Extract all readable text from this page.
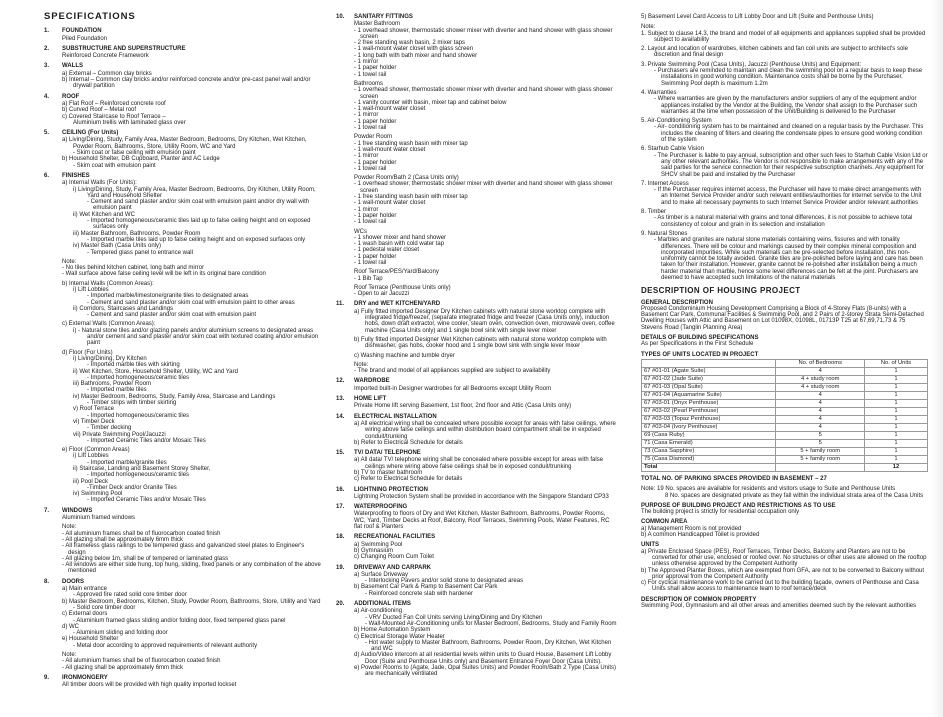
SPECIFICATIONS
1. FOUNDATION
Piled Foundation
2. SUBSTRUCTURE AND SUPERSTRUCTURE
Reinforced Concrete Framework
3. WALLS
a) External – Common clay bricks
b) Internal – Common clay bricks and/or reinforced concrete and/or pre-cast panel wall and/or drywall partition
4. ROOF
a) Flat Roof – Reinforced concrete roof
b) Curved Roof – Metal roof
c) Covered Staircase to Roof Terrace –
Aluminium trellis with laminated glass over
5. CEILING (For Units)
a) Living/Dining, Study, Family Area, Master Bedroom, Bedrooms, Dry Kitchen, Wet Kitchen, Powder Room, Bathrooms, Store, Utility Room, WC and Yard
- Skim coat or false ceiling with emulsion paint
b) Household Shelter, DB Cupboard, Planter and AC Ledge
- Skim coat with emulsion paint
6. FINISHES
a) Internal Walls (For Units):
i) Living/Dining, Study, Family Area, Master Bedroom, Bedrooms, Dry Kitchen, Utility Room, Yard and Household Shelter
- Cement and sand plaster and/or skim coat with emulsion paint and/or dry wall with emulsion paint
ii) Wet Kitchen and WC
- Imported homogeneous/ceramic tiles laid up to false ceiling height and on exposed surfaces only
iii) Master Bathroom, Bathrooms, Powder Room
- Imported marble tiles laid up to false ceiling height and on exposed surfaces only
iv) Master Bath (Casa Units only)
- Tempered glass panel to entrance wall
Note:
- No tiles behind kitchen cabinet, long bath and mirror
- Wall surface above false ceiling level will be left in its original bare condition
b) Internal Walls (Common Areas):
i) Lift Lobbies
- Imported marble/limestone/granite tiles to designated areas
- Cement and sand plaster and/or skim coat with emulsion paint to other areas
ii) Corridors, Staircases and Landings
- Cement and sand plaster and/or skim coat with emulsion paint
c) External Walls (Common Areas):
i) - Natural stone tiles and/or glazing panels and/or aluminium screens to designated areas and/or cement and sand plaster and/or skim coat with textured coating and/or emulsion paint
d) Floor (For Units)
i) Living/Dining, Dry Kitchen
- Imported marble tiles with skirting
ii) Wet Kitchen, Store, Household Shelter, Utility, WC and Yard
- Imported homogeneous/ceramic tiles
iii) Bathrooms, Powder Room
- Imported marble tiles
iv) Master Bedroom, Bedrooms, Study, Family Area, Staircase and Landings
- Timber strips with timber skirting
v) Roof Terrace
- Imported homogeneous/ceramic tiles
vi) Timber Deck
- Timber decking
vii) Private Swimming Pool/Jacuzzi
- Imported Ceramic Tiles and/or Mosaic Tiles
e) Floor (Common Areas)
i) Lift Lobbies
- Imported marble/granite tiles
ii) Staircase, Landing and Basement Storey Shelter,
- Imported homogeneous/ceramic tiles
iii) Pool Deck
-Timber Deck and/or Granite Tiles
iv) Swimming Pool
- Imported Ceramic Tiles and/or Mosaic Tiles
7. WINDOWS
Aluminium framed windows
Note:
- All aluminium frames shall be of fluorocarbon coated finish
- All glazing shall be approximately 6mm thick
- All frameless glass railings to be tempered glass and galvanized steel plates to Engineer's design
- All glazing below 1m, shall be of tempered or laminated glass
- All windows are either side hung, top hung, sliding, fixed panels or any combination of the above mentioned
8. DOORS
a) Main entrance
- Approved fire rated solid core timber door
b) Master Bedroom, Bedrooms, Kitchen, Study, Powder Room, Bathrooms, Store, Utility and Yard
- Solid core timber door
c) External doors
- Aluminium framed glass sliding and/or folding door, fixed tempered glass panel
d) WC
- Aluminium sliding and folding door
e) Household Shelter
- Metal door according to approved requirements of relevant authority
Note:
- All aluminium frames shall be of fluorocarbon coated finish
- All glazing shall be approximately 6mm thick
9. IRONMONGERY
All timber doors will be provided with high quality imported lockset
10. SANITARY FITTINGS
Master Bathroom
- 1 overhead shower, thermostatic shower mixer with diverter and hand shower with glass shower screen
- 2 free standing wash basin, 2 mixer taps
- 1 wall-mount water closet with glass screen
- 1 long bath with bath mixer and hand shower
- 1 mirror
- 1 paper holder
- 1 towel rail
Bathrooms
- 1 overhead shower, thermostatic shower mixer with diverter and hand shower with glass shower screen
- 1 vanity counter with basin, mixer tap and cabinet below
- 1 wall-mount water closet
- 1 mirror
- 1 paper holder
- 1 towel rail
Powder Room
- 1 free standing wash basin with mixer tap
- 1 wall-mount water closet
- 1 mirror
- 1 paper holder
- 1 towel rail
Powder Room/Bath 2 (Casa Units only)
- 1 overhead shower, thermostatic shower mixer with diverter and hand shower with glass shower screen
- 1 free standing wash basin with mixer tap
- 1 wall-mount water closet
- 1 mirror
- 1 paper holder
- 1 towel rail
WCs
- 1 shower mixer and hand shower
- 1 wash basin with cold water tap
- 1 pedestal water closet
- 1 paper holder
- 1 towel rail
Roof Terrace/PES/Yard/Balcony
- 1 Bib Tap
Roof Terrace (Penthouse Units only)
- Open to air Jacuzzi
11. DRY and WET KITCHEN/YARD
a) Fully fitted imported Designer Dry Kitchen cabinets with natural stone worktop complete with integrated fridge/freezer, (separate integrated fridge and freezer (Casa Units only), induction hobs, down draft extractor, wine cooler, steam oven, convection oven, microwave oven, coffee machine (Casa Units only) and 1 single bowl sink with single lever mixer
b) Fully fitted imported Designer Wet Kitchen cabinets with natural stone worktop complete with dishwasher, gas hobs, cooker hood and 1 single bowl sink with single lever mixer
c) Washing machine and tumble dryer
Note:
- The brand and model of all appliances supplied are subject to availability
12. WARDROBE
Imported built-in Designer wardrobes for all Bedrooms except Utility Room
13. HOME LIFT
Private Home lift serving Basement, 1st floor, 2nd floor and Attic (Casa Units only)
14. ELECTRICAL INSTALLATION
a) All electrical wiring shall be concealed where possible except for areas with false ceilings, where wiring above false ceilings and within distribution board compartment shall be in exposed conduit/trunking
b) Refer to Electrical Schedule for details
15. TV/ DATA/ TELEPHONE
a) All data/ TV/ telephone wiring shall be concealed where possible except for areas with false ceilings where wiring above false ceilings shall be in exposed conduit/trunking
b) TV to master bathroom
c) Refer to Electrical Schedule for details
16. LIGHTNING PROTECTION
Lightning Protection System shall be provided in accordance with the Singapore Standard CP33
17. WATERPROOFING
Waterproofing to floors of Dry and Wet Kitchen, Master Bathroom, Bathrooms, Powder Rooms, WC, Yard, Timber Decks at Roof, Balcony, Roof Terraces, Swimming Pools, Water Features, RC flat roof & Planters
18. RECREATIONAL FACILITIES
a) Swimming Pool
b) Gymnasium
c) Changing Room Cum Toilet
19. DRIVEWAY AND CARPARK
a) Surface Driveway
- Interlocking Pavers and/or solid stone to designated areas
b) Basement Car Park & Ramp to Basement Car Park
- Reinforced concrete slab with hardener
20. ADDITIONAL ITEMS
a) Air-conditioning
- VRV Ducted Fan Coil Units serving Living/Dining and Dry Kitchen
- Wall-Mounted Air-Conditioning units for Master Bedroom, Bedrooms, Study and Family Room
b) Home Automation System
c) Electrical Storage Water Heater
- Hot water supply to Master Bathroom, Bathrooms, Powder Room, Dry Kitchen, Wet Kitchen and WC
d) Audio/Video intercom at all residential levels within units to Guard House, Basement Lift Lobby Door (Suite and Penthouse Units only) and Basement Entrance Foyer Door (Casa Units).
e) Powder Rooms to (Agate, Jade, Opal Suites Units) and Powder Room/Bath 2 Type (Casa Units) are mechanically ventilated
5) Basement Level Card Access to Lift Lobby Door and Lift (Suite and Penthouse Units)
Note:
1. Subject to clause 14.3, the brand and model of all equipments and appliances supplied shall be provided subject to availability
2. Layout and location of wardrobes, kitchen cabinets and fan coil units are subject to architect's sole discretion and final design
3. Private Swimming Pool (Casa Units), Jacuzzi (Penthouse Units) and Equipment:
- Purchasers are reminded to maintain and clean the swimming pool on a regular basis to keep these installations in good working condition. Maintenance costs shall be borne by the Purchaser. Swimming Pool depth is maximum 1.2m
4. Warranties
- Where warranties are given by the manufacturers and/or suppliers of any of the equipment and/or appliances installed by the Vendor at the Building, the Vendor shall assign to the Purchaser such warranties at the time when possession of the Unit/Building is delivered to the Purchaser
5. Air-Conditioning System
- Air- conditioning system has to be maintained and cleaned on a regular basis by the Purchaser. This includes the cleaning of filters and clearing the condensate pipes to ensure good working condition of the system
6. Starhub Cable Vision
- The Purchaser is liable to pay annual, subscription and other such fees to Starhub Cable Vision Ltd or any other relevant authorities. The Vendor is not responsible to make arrangements with any of the said parties for the service connection for their respective subscription channels. Any equipment for SHCV shall be paid and installed by the Purchaser
7. Internet Access
- If the Purchaser requires internet access, the Purchaser will have to make direct arrangements with an Internet Service Provider and/or such relevant entities/authorities for internet service to the Unit and to make all necessary payments to such Internet Service Provider and/or relevant authorities
8. Timber
- As timber is a natural material with grains and tonal differences, it is not possible to achieve total consistency of colour and grain in its selection and installation
9. Natural Stones
- Marbles and granites are natural stone materials containing veins, fissures and with tonality differences. There will be colour and markings caused by their complex mineral composition and incorporated impurities. While such materials can be pre-selected before installation, this non-uniformity cannot be totally avoided. Granite tiles are pre-polished before laying and care has been taken for their installation. However, granite cannot be re-polished after installation being a much harder material than marble, hence some level differences can be felt at the joint. Purchasers are deemed to have accepted such limitations of the natural materials
DESCRIPTION OF HOUSING PROJECT
GENERAL DESCRIPTION
Proposed Condominium Housing Development Comprising a Block of 4-Storey Flats (8-units) with a Basement Car Park, Communal Facilities & Swimming Pool, and 2 Pairs of 2-storey Strata Semi-Detached Dwelling Houses with Attic and Basement on Lot 01098X, 01098L, 01713P T25 at 67,69,71,73 & 75 Stevens Road (Tanglin Planning Area)
DETAILS OF BUILDING SPECIFICATIONS
As per Specifications in the First Schedule
TYPES OF UNITS LOCATED IN PROJECT
	No. of Bedrooms	No. of Units
67 #01-01 (Agate Suite)	4	1
67 #01-02 (Jade Suite)	4 + study room	1
67 #01-03 (Opal Suite)	4 + study room	1
67 #01-04 (Aquamarine Suite)	4	1
67 #03-01 (Onyx Penthouse)	4	1
67 #03-02 (Pearl Penthouse)	4	1
67 #03-03 (Topaz Penthouse)	4	1
67 #03-04 (Ivory Penthouse)	4	1
69 (Casa Ruby)	5	1
71 (Casa Emerald)	5	1
73 (Casa Sapphire)	5 + family room	1
75 (Casa Diamond)	5 + family room	1
Total		12
TOTAL NO. OF PARKING SPACES PROVIDED IN BASEMENT – 27
Note: 19 No. spaces are available for residents and visitors usage to Suite and Penthouse Units
8 No. spaces are designated private as they fall within the individual strata area of the Casa Units
PURPOSE OF BUILDING PROJECT AND RESTRICTIONS AS TO USE
The building project is strictly for residential occupation only
COMMON AREA
a) Management Room is not provided
b) A common Handicapped Toilet is provided
UNITS
a) Private Enclosed Space (PES), Roof Terraces, Timber Decks, Balcony and Planters are not to be converted for other use, enclosed or roofed over. No structures or other uses are allowed on the rooftop unless otherwise approved by the Competent Authority
b) The Approved Planter Boxes, which are exempted from GFA, are not to be converted to Balcony without prior approval from the Competent Authority
c) For cyclical maintenance work to be carried out to the building façade, owners of Penthouse and Casa Units shall allow access to maintenance team to roof terrace/deck
DESCRIPTION OF COMMON PROPERTY
Swimming Pool, Gymnasium and all other areas and amenities deemed such by the relevant authorities
